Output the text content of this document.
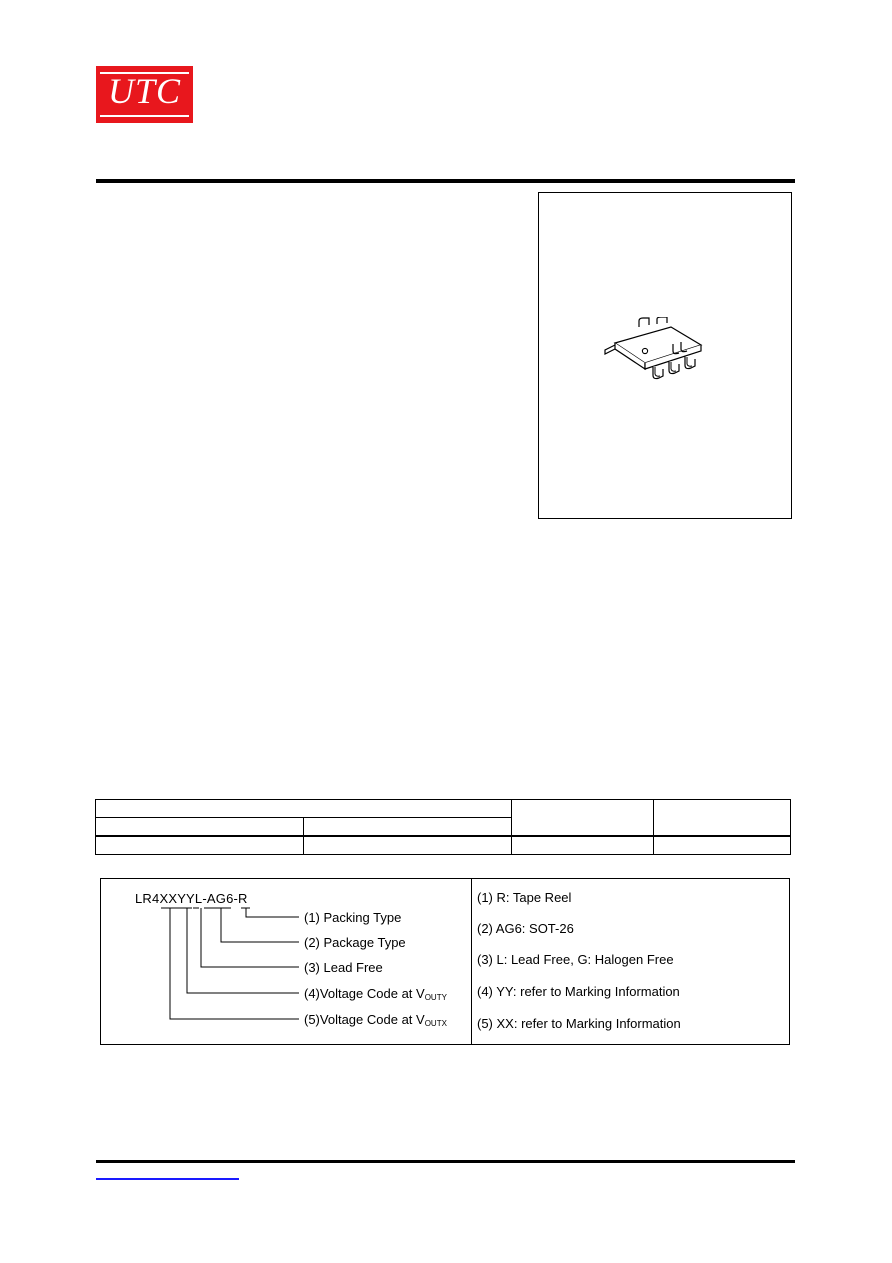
UTC

LR4XXYYL-AG6-R
(1) Packing Type
(2) Package Type
(3) Lead Free
(4)Voltage Code at $V_{OUTY}$
(5)Voltage Code at $V_{OUTX}$
(1) R: Tape Reel
(2) AG6: SOT-26
(3) L: Lead Free, G: Halogen Free
(4) YY: refer to Marking Information
(5) XX: refer to Marking Information
